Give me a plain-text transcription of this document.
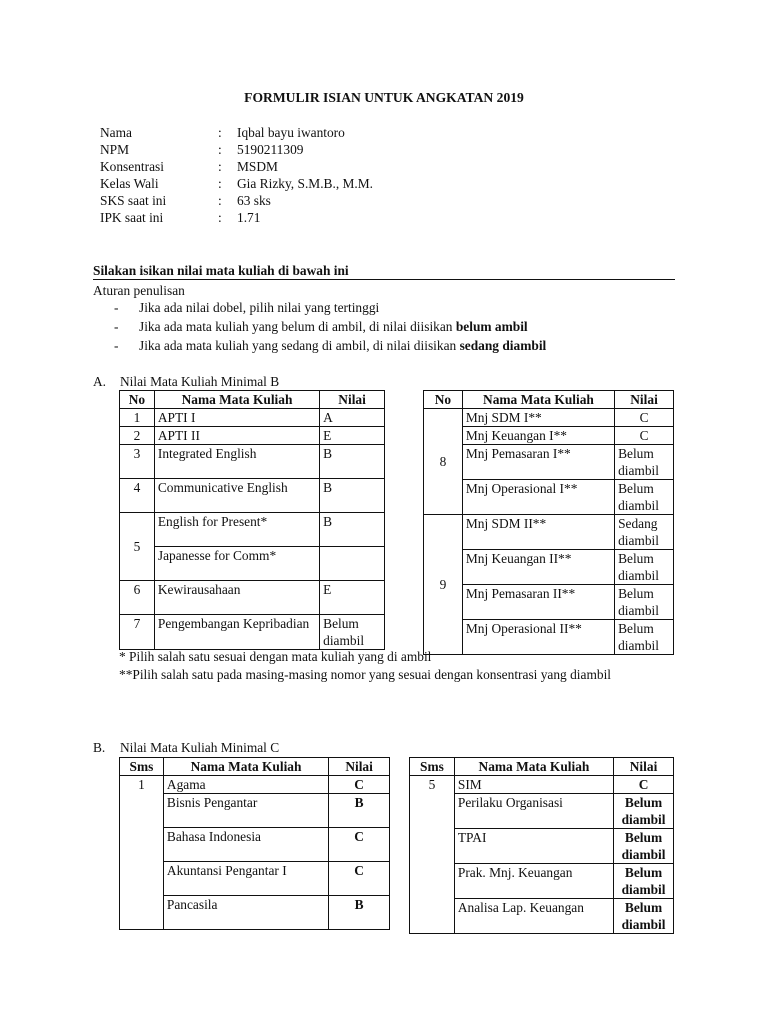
FORMULIR ISIAN UNTUK ANGKATAN 2019
Nama	:	Iqbal bayu iwantoro
NPM	:	5190211309
Konsentrasi	:	MSDM
Kelas Wali	:	Gia Rizky, S.M.B., M.M.
SKS saat ini	:	63 sks
IPK saat ini	:	1.71
Silakan isikan nilai mata kuliah di bawah ini
Aturan penulisan
- Jika ada nilai dobel, pilih nilai yang tertinggi
- Jika ada mata kuliah yang belum di ambil, di nilai diisikan belum ambil
- Jika ada mata kuliah yang sedang di ambil, di nilai diisikan sedang diambil
A. Nilai Mata Kuliah Minimal B
No	Nama Mata Kuliah	Nilai
1	APTI I	A
2	APTI II	E
3	Integrated English	B
4	Communicative English	B
5	English for Present*	B
	Japanesse for Comm*	
6	Kewirausahaan	E
7	Pengembangan Kepribadian	Belum diambil
No	Nama Mata Kuliah	Nilai
8	Mnj SDM I**	C
	Mnj Keuangan I**	C
	Mnj Pemasaran I**	Belum diambil
	Mnj Operasional I**	Belum diambil
9	Mnj SDM II**	Sedang diambil
	Mnj Keuangan II**	Belum diambil
	Mnj Pemasaran II**	Belum diambil
	Mnj Operasional II**	Belum diambil
* Pilih salah satu sesuai dengan mata kuliah yang di ambil
**Pilih salah satu pada masing-masing nomor yang sesuai dengan konsentrasi yang diambil
B. Nilai Mata Kuliah Minimal C
Sms	Nama Mata Kuliah	Nilai
1	Agama	C
	Bisnis Pengantar	B
	Bahasa Indonesia	C
	Akuntansi Pengantar I	C
	Pancasila	B
Sms	Nama Mata Kuliah	Nilai
5	SIM	C
	Perilaku Organisasi	Belum diambil
	TPAI	Belum diambil
	Prak. Mnj. Keuangan	Belum diambil
	Analisa Lap. Keuangan	Belum diambil
